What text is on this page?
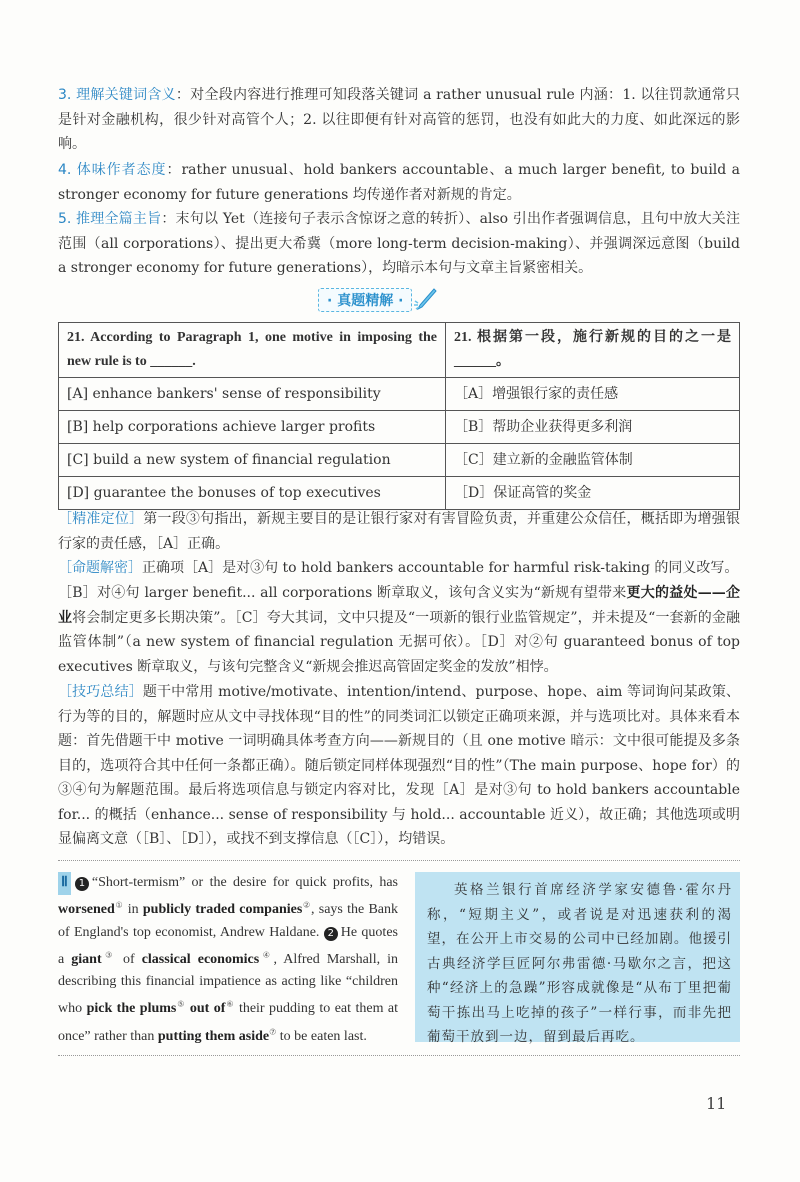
3. 理解关键词含义：对全段内容进行推理可知段落关键词 a rather unusual rule 内涵：1. 以往罚款通常只是针对金融机构，很少针对高管个人；2. 以往即便有针对高管的惩罚，也没有如此大的力度、如此深远的影响。
4. 体味作者态度：rather unusual、hold bankers accountable、a much larger benefit, to build a stronger economy for future generations 均传递作者对新规的肯定。
5. 推理全篇主旨：末句以 Yet（连接句子表示含惊讶之意的转折）、also 引出作者强调信息，且句中放大关注范围（all corporations）、提出更大希冀（more long-term decision-making）、并强调深远意图（build a stronger economy for future generations），均暗示本句与文章主旨紧密相关。
· 真题精解 ·
21. According to Paragraph 1, one motive in imposing the new rule is to ______.	21. 根据第一段，施行新规的目的之一是______。
[A] enhance bankers' sense of responsibility	［A］增强银行家的责任感
[B] help corporations achieve larger profits	［B］帮助企业获得更多利润
[C] build a new system of financial regulation	［C］建立新的金融监管体制
[D] guarantee the bonuses of top executives	［D］保证高管的奖金
［精准定位］第一段③句指出，新规主要目的是让银行家对有害冒险负责，并重建公众信任，概括即为增强银行家的责任感，［A］正确。
［命题解密］正确项［A］是对③句 to hold bankers accountable for harmful risk-taking 的同义改写。
［B］对④句 larger benefit... all corporations 断章取义，该句含义实为“新规有望带来更大的益处——企业将会制定更多长期决策”。［C］夸大其词，文中只提及“一项新的银行业监管规定”，并未提及“一套新的金融监管体制”（a new system of financial regulation 无据可依）。［D］对②句 guaranteed bonus of top executives 断章取义，与该句完整含义“新规会推迟高管固定奖金的发放”相悖。
［技巧总结］题干中常用 motive/motivate、intention/intend、purpose、hope、aim 等词询问某政策、行为等的目的，解题时应从文中寻找体现“目的性”的同类词汇以锁定正确项来源，并与选项比对。具体来看本题：首先借题干中 motive 一词明确具体考查方向——新规目的（且 one motive 暗示：文中很可能提及多条目的，选项符合其中任何一条都正确）。随后锁定同样体现强烈“目的性”（The main purpose、hope for）的③④句为解题范围。最后将选项信息与锁定内容对比，发现［A］是对③句 to hold bankers accountable for... 的概括（enhance... sense of responsibility 与 hold... accountable 近义），故正确；其他选项或明显偏离文意（［B］、［D］），或找不到支撑信息（［C］），均错误。
Ⅱ 1 “Short-termism” or the desire for quick profits, has worsened① in publicly traded companies②, says the Bank of England's top economist, Andrew Haldane. 2 He quotes a giant③ of classical economics④, Alfred Marshall, in describing this financial impatience as acting like “children who pick the plums⑤ out of⑥ their pudding to eat them at once” rather than putting them aside⑦ to be eaten last.
英格兰银行首席经济学家安德鲁·霍尔丹称，“短期主义”，或者说是对迅速获利的渴望，在公开上市交易的公司中已经加剧。他援引古典经济学巨匠阿尔弗雷德·马歇尔之言，把这种“经济上的急躁”形容成就像是“从布丁里把葡萄干拣出马上吃掉的孩子”一样行事，而非先把葡萄干放到一边，留到最后再吃。
11
